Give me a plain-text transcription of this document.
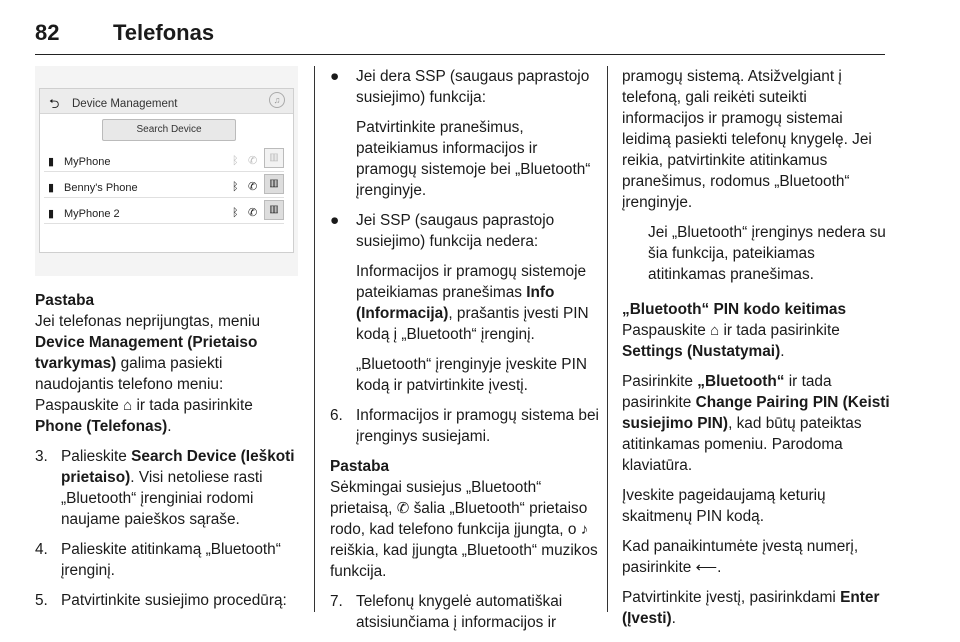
82 Telefonas
⮌ Device Management	♫
Search Device
▮ MyPhone	ᛒ ✆	▥
▮ Benny's Phone	ᛒ ✆	▥
▮ MyPhone 2	ᛒ ✆	▥

Pastaba

Jei telefonas neprijungtas, meniu Device Management (Prietaiso tvarkymas) galima pasiekti naudojantis telefono meniu: Paspauskite ⌂ ir tada pasirinkite Phone (Telefonas).

3. Palieskite Search Device (Ieškoti prietaiso). Visi netoliese rasti „Bluetooth“ įrenginiai rodomi naujame paieškos sąraše.
4. Palieskite atitinkamą „Bluetooth“ įrenginį.
5. Patvirtinkite susiejimo procedūrą:
● Jei dera SSP (saugaus paprastojo susiejimo) funkcija:
Patvirtinkite pranešimus, pateikiamus informacijos ir pramogų sistemoje bei „Bluetooth“ įrenginyje.
● Jei SSP (saugaus paprastojo susiejimo) funkcija nedera:
Informacijos ir pramogų sistemoje pateikiamas pranešimas Info (Informacija), prašantis įvesti PIN kodą į „Bluetooth“ įrenginį.
„Bluetooth“ įrenginyje įveskite PIN kodą ir patvirtinkite įvestį.
6. Informacijos ir pramogų sistema bei įrenginys susiejami.

Pastaba

Sėkmingai susiejus „Bluetooth“ prietaisą, ✆ šalia „Bluetooth“ prietaiso rodo, kad telefono funkcija įjungta, o ♪ reiškia, kad įjungta „Bluetooth“ muzikos funkcija.

7. Telefonų knygelė automatiškai atsisiunčiama į informacijos ir

pramogų sistemą. Atsižvelgiant į telefoną, gali reikėti suteikti informacijos ir pramogų sistemai leidimą pasiekti telefonų knygelę. Jei reikia, patvirtinkite atitinkamus pranešimus, rodomus „Bluetooth“ įrenginyje.

Jei „Bluetooth“ įrenginys nedera su šia funkcija, pateikiamas atitinkamas pranešimas.

„Bluetooth“ PIN kodo keitimas

Paspauskite ⌂ ir tada pasirinkite Settings (Nustatymai).

Pasirinkite „Bluetooth“ ir tada pasirinkite Change Pairing PIN (Keisti susiejimo PIN), kad būtų pateiktas atitinkamas pomeniu. Parodoma klaviatūra.

Įveskite pageidaujamą keturių skaitmenų PIN kodą.

Kad panaikintumėte įvestą numerį, pasirinkite ⟵.

Patvirtinkite įvestį, pasirinkdami Enter (Įvesti).
